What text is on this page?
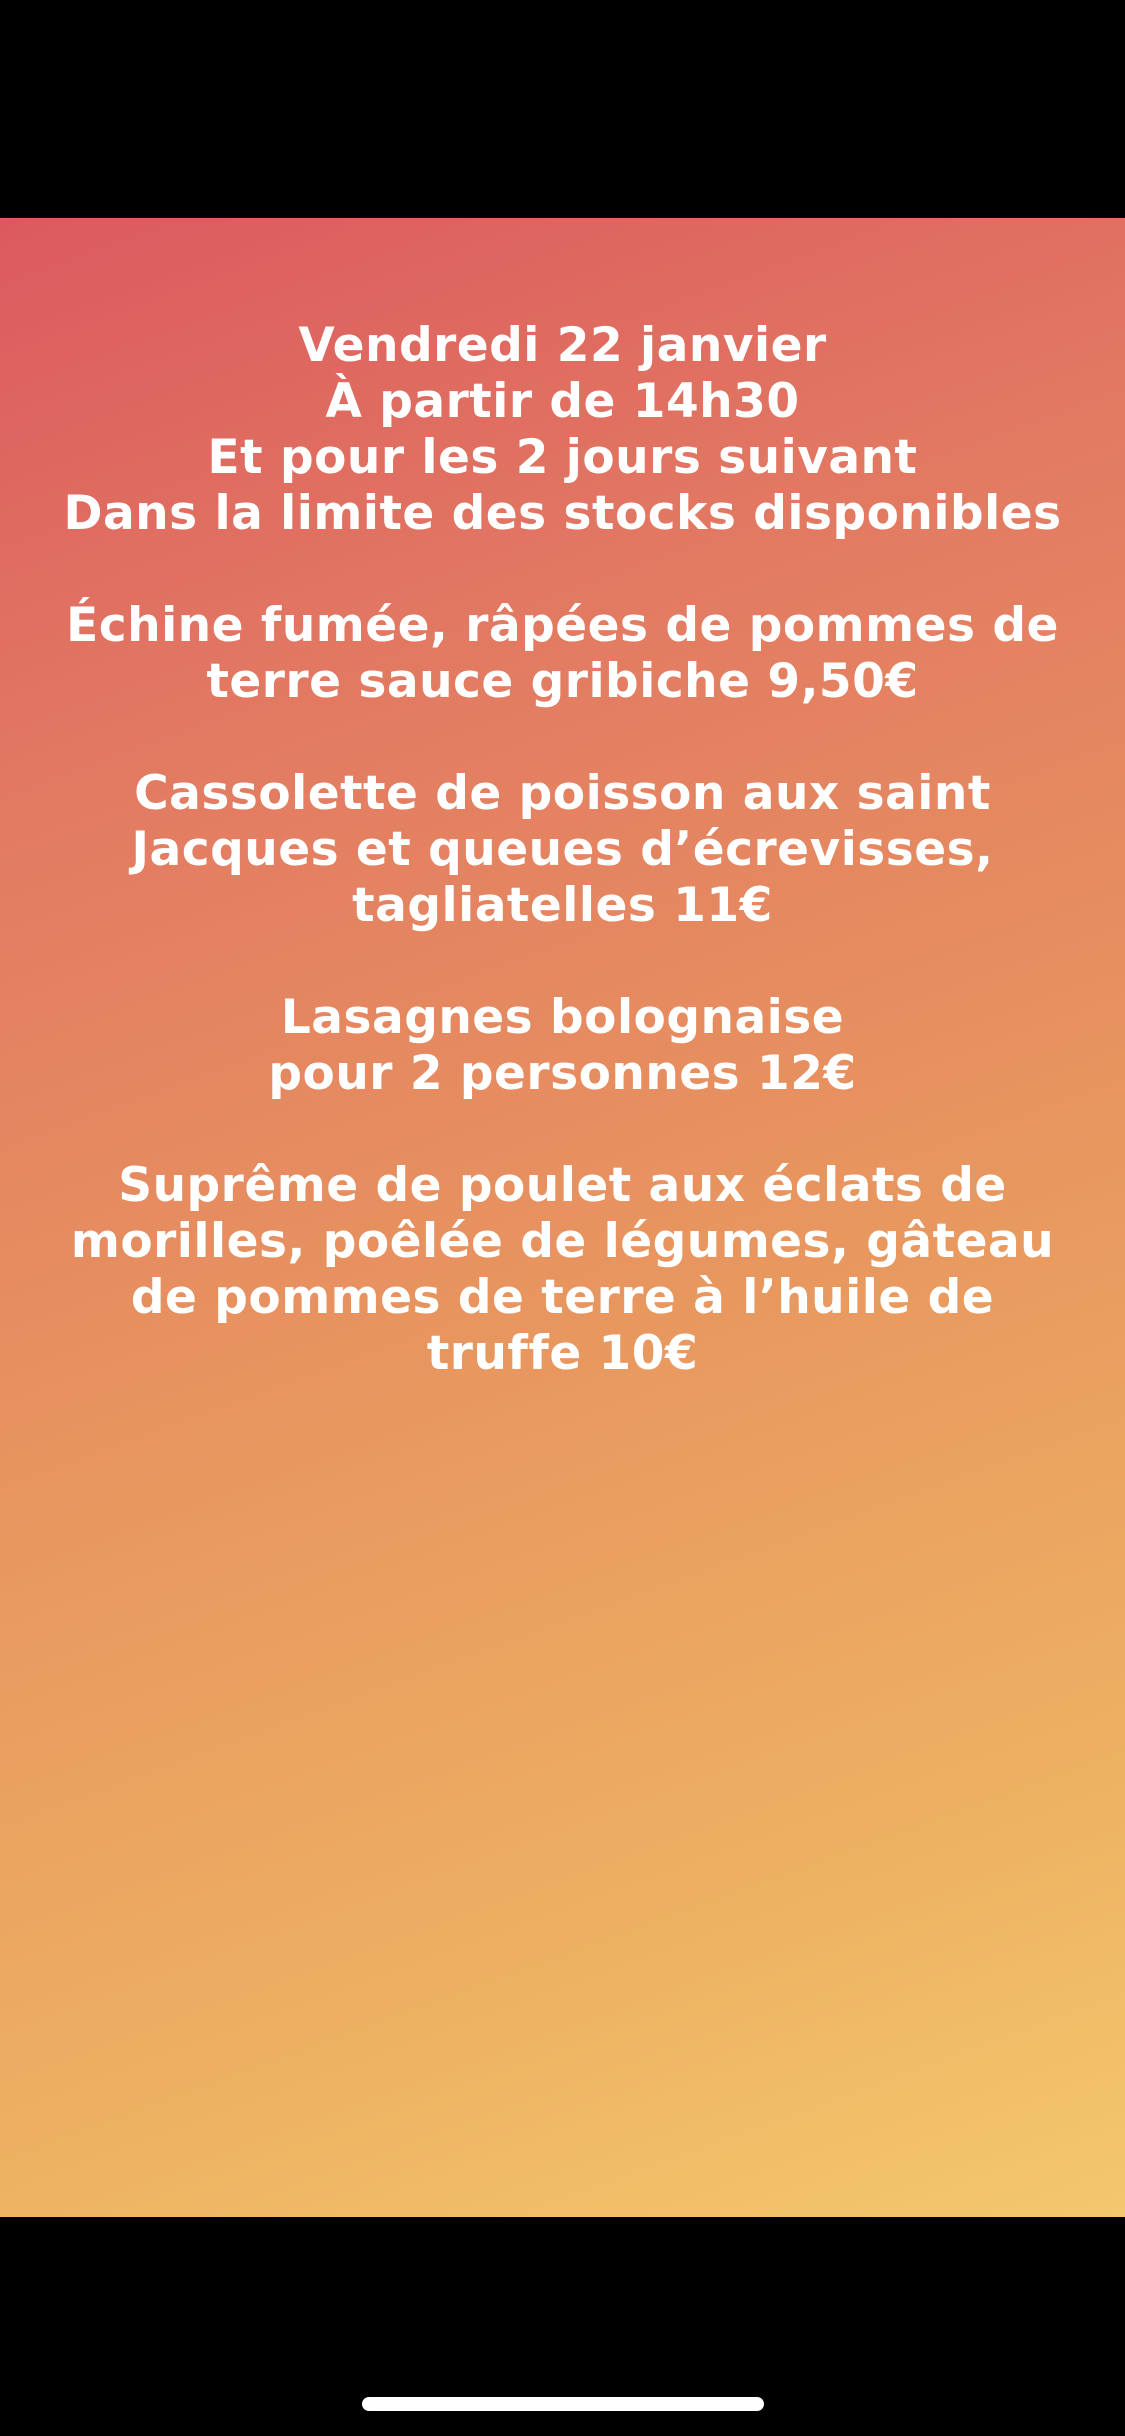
Vendredi 22 janvier
À partir de 14h30
Et pour les 2 jours suivant
Dans la limite des stocks disponibles
Échine fumée, râpées de pommes de
terre sauce gribiche 9,50€
Cassolette de poisson aux saint
Jacques et queues d’écrevisses,
tagliatelles 11€
Lasagnes bolognaise
pour 2 personnes 12€
Suprême de poulet aux éclats de
morilles, poêlée de légumes, gâteau
de pommes de terre à l’huile de
truffe 10€
